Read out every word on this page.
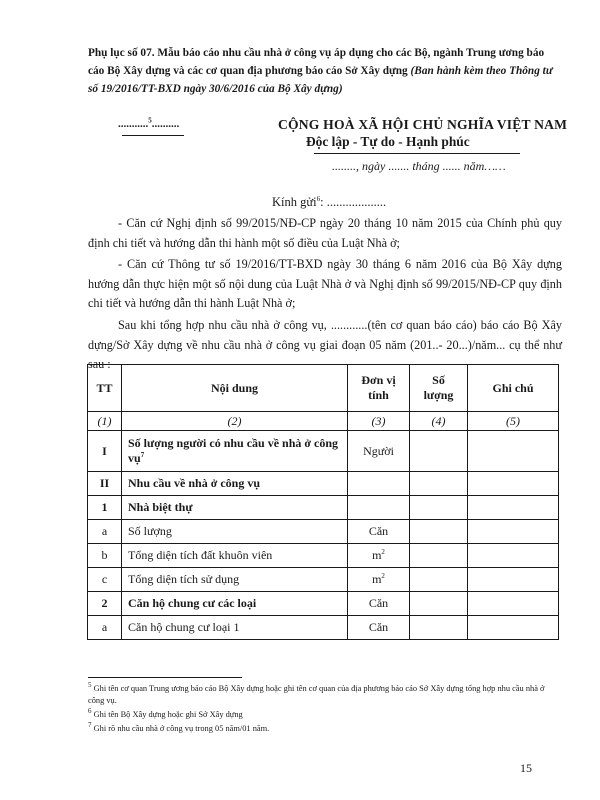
Phụ lục số 07. Mẫu báo cáo nhu cầu nhà ở công vụ áp dụng cho các Bộ, ngành Trung ương báo cáo Bộ Xây dựng và các cơ quan địa phương báo cáo Sở Xây dựng (Ban hành kèm theo Thông tư số 19/2016/TT-BXD ngày 30/6/2016 của Bộ Xây dựng)
...........$^5$..........	CỘNG HOÀ XÃ HỘI CHỦ NGHĨA VIỆT NAM
Độc lập - Tự do - Hạnh phúc
........, ngày ....... tháng ...... năm……
Kính gửi$^6$: ...................
- Căn cứ Nghị định số 99/2015/NĐ-CP ngày 20 tháng 10 năm 2015 của Chính phủ quy định chi tiết và hướng dẫn thi hành một số điều của Luật Nhà ở;
- Căn cứ Thông tư số 19/2016/TT-BXD ngày 30 tháng 6 năm 2016 của Bộ Xây dựng hướng dẫn thực hiện một số nội dung của Luật Nhà ở và Nghị định số 99/2015/NĐ-CP quy định chi tiết và hướng dẫn thi hành Luật Nhà ở;
Sau khi tổng hợp nhu cầu nhà ở công vụ, ............(tên cơ quan báo cáo) báo cáo Bộ Xây dựng/Sở Xây dựng về nhu cầu nhà ở công vụ giai đoạn 05 năm (201..- 20...)/năm... cụ thể như sau :
TT	Nội dung	Đơn vị tính	Số lượng	Ghi chú
(1)	(2)	(3)	(4)	(5)
I	Số lượng người có nhu cầu về nhà ở công vụ$^7$	Người		
II	Nhu cầu về nhà ở công vụ			
1	Nhà biệt thự			
a	Số lượng	Căn		
b	Tổng diện tích đất khuôn viên	$m^2$		
c	Tổng diện tích sử dụng	$m^2$		
2	Căn hộ chung cư các loại	Căn		
a	Căn hộ chung cư loại 1	Căn		
$^5$ Ghi tên cơ quan Trung ương báo cáo Bộ Xây dựng hoặc ghi tên cơ quan của địa phương báo cáo Sở Xây dựng tổng hợp nhu cầu nhà ở công vụ.
$^6$ Ghi tên Bộ Xây dựng hoặc ghi Sở Xây dựng
$^7$ Ghi rõ nhu cầu nhà ở công vụ trong 05 năm/01 năm.
15
